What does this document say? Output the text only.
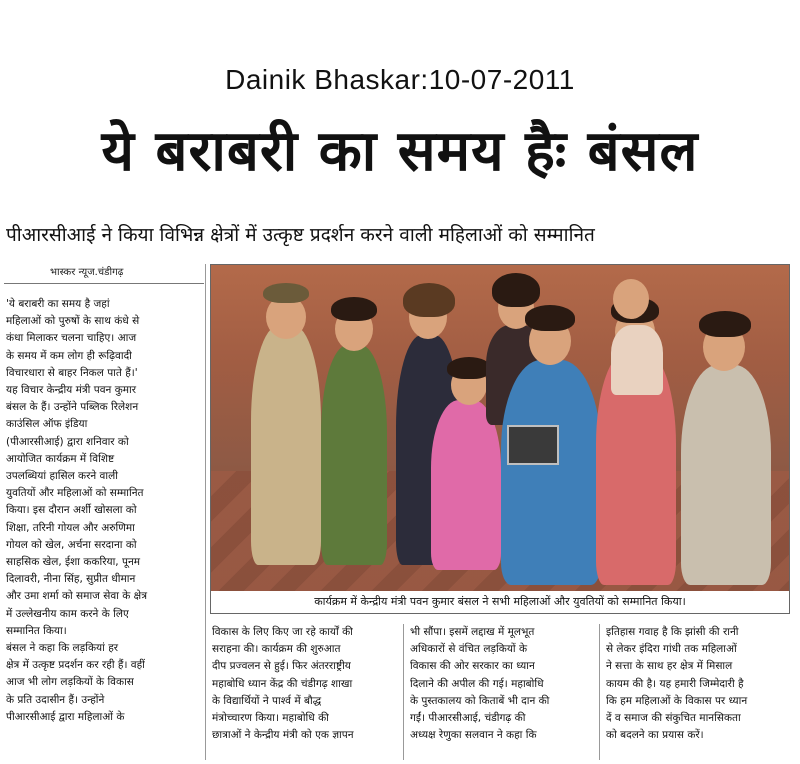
Dainik Bhaskar:10-07-2011
ये बराबरी का समय हैः बंसल
पीआरसीआई ने किया विभिन्न क्षेत्रों में उत्कृष्ट प्रदर्शन करने वाली महिलाओं को सम्मानित
भास्कर न्यूज.चंडीगढ़
'ये बराबरी का समय है जहां
महिलाओं को पुरुषों के साथ कंधे से
कंधा मिलाकर चलना चाहिए। आज
के समय में कम लोग ही रूढ़िवादी
विचारधारा से बाहर निकल पाते हैं।'
यह विचार केन्द्रीय मंत्री पवन कुमार
बंसल के हैं। उन्होंने पब्लिक रिलेशन
काउंसिल ऑफ इंडिया
(पीआरसीआई) द्वारा शनिवार को
आयोजित कार्यक्रम में विशिष्ट
उपलब्धियां हासिल करने वाली
युवतियों और महिलाओं को सम्मानित
किया। इस दौरान अर्शी खोसला को
शिक्षा, तरिनी गोयल और अरुणिमा
गोयल को खेल, अर्चना सरदाना को
साहसिक खेल, ईशा ककरिया, पूनम
दिलावरी, नीना सिंह, सुप्रीत धीमान
और उमा शर्मा को समाज सेवा के क्षेत्र
में उल्लेखनीय काम करने के लिए
सम्मानित किया।
बंसल ने कहा कि लड़कियां हर
क्षेत्र में उत्कृष्ट प्रदर्शन कर रही हैं। वहीं
आज भी लोग लड़कियों के विकास
के प्रति उदासीन हैं। उन्होंने
पीआरसीआई द्वारा महिलाओं के
कार्यक्रम में केन्द्रीय मंत्री पवन कुमार बंसल ने सभी महिलाओं और युवतियों को सम्मानित किया।
विकास के लिए किए जा रहे कार्यों की
सराहना की। कार्यक्रम की शुरुआत
दीप प्रज्वलन से हुई। फिर अंतरराष्ट्रीय
महाबोधि ध्यान केंद्र की चंडीगढ़ शाखा
के विद्यार्थियों ने पार्श्व में बौद्ध
मंत्रोच्चारण किया। महाबोधि की
छात्राओं ने केन्द्रीय मंत्री को एक ज्ञापन
भी सौंपा। इसमें लद्दाख में मूलभूत
अधिकारों से वंचित लड़कियों के
विकास की ओर सरकार का ध्यान
दिलाने की अपील की गई। महाबोधि
के पुस्तकालय को किताबें भी दान की
गईं। पीआरसीआई, चंडीगढ़ की
अध्यक्ष रेणुका सलवान ने कहा कि
इतिहास गवाह है कि झांसी की रानी
से लेकर इंदिरा गांधी तक महिलाओं
ने सत्ता के साथ हर क्षेत्र में मिसाल
कायम की है। यह हमारी जिम्मेदारी है
कि हम महिलाओं के विकास पर ध्यान
दें व समाज की संकुचित मानसिकता
को बदलने का प्रयास करें।
